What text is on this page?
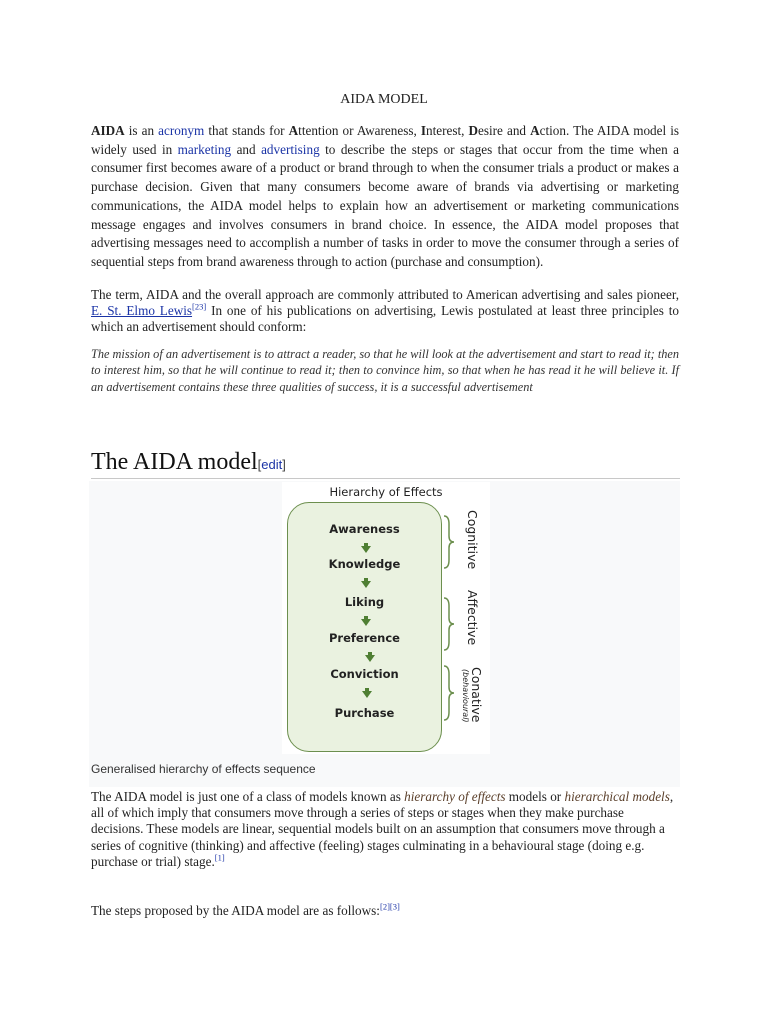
AIDA MODEL

AIDA is an acronym that stands for Attention or Awareness, Interest, Desire and Action. The AIDA model is widely used in marketing and advertising to describe the steps or stages that occur from the time when a consumer first becomes aware of a product or brand through to when the consumer trials a product or makes a purchase decision. Given that many consumers become aware of brands via advertising or marketing communications, the AIDA model helps to explain how an advertisement or marketing communications message engages and involves consumers in brand choice. In essence, the AIDA model proposes that advertising messages need to accomplish a number of tasks in order to move the consumer through a series of sequential steps from brand awareness through to action (purchase and consumption).

The term, AIDA and the overall approach are commonly attributed to American advertising and sales pioneer, E. St. Elmo Lewis[23] In one of his publications on advertising, Lewis postulated at least three principles to which an advertisement should conform:

The mission of an advertisement is to attract a reader, so that he will look at the advertisement and start to read it; then to interest him, so that he will continue to read it; then to convince him, so that when he has read it he will believe it. If an advertisement contains these three qualities of success, it is a successful advertisement

The AIDA model[edit]
Hierarchy of Effects
Awareness
Knowledge
Liking
Preference
Conviction
Purchase
Cognitive
Affective
Conative
(behavioural)
Generalised hierarchy of effects sequence

The AIDA model is just one of a class of models known as hierarchy of effects models or hierarchical models, all of which imply that consumers move through a series of steps or stages when they make purchase decisions. These models are linear, sequential models built on an assumption that consumers move through a series of cognitive (thinking) and affective (feeling) stages culminating in a behavioural stage (doing e.g. purchase or trial) stage.[1]

The steps proposed by the AIDA model are as follows:[2][3]
